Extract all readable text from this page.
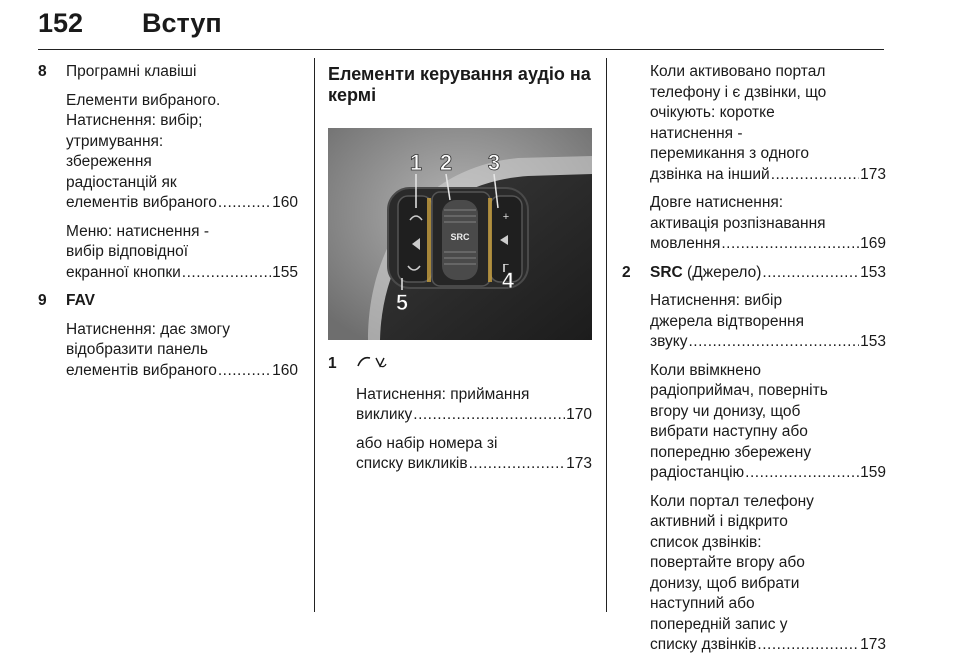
152 Вступ
8 Програмні клавіші
Елементи вибраного.
Натиснення: вибір;
утримування:
збереження
радіостанцій як
елементів вибраного .....	160
Меню: натиснення -
вибір відповідної
екранної кнопки .....	155
9 FAV
Натиснення: дає змогу
відобразити панель
елементів вибраного .....	160
Елементи керування аудіо на
кермі
SRC
+
−
1 2 3
4
5
1
Натиснення: приймання
виклику .....	170
або набір номера зі
списку викликів .....	173
Коли активовано портал
телефону і є дзвінки, що
очікують: коротке
натиснення -
перемикання з одного
дзвінка на інший .....	173
Довге натиснення:
активація розпізнавання
мовлення .....	169
2 SRC (Джерело) .....	153
Натиснення: вибір
джерела відтворення
звуку .....	153
Коли ввімкнено
радіоприймач, поверніть
вгору чи донизу, щоб
вибрати наступну або
попередню збережену
радіостанцію .....	159
Коли портал телефону
активний і відкрито
список дзвінків:
повертайте вгору або
донизу, щоб вибрати
наступний або
попередній запис у
списку дзвінків .....	173
